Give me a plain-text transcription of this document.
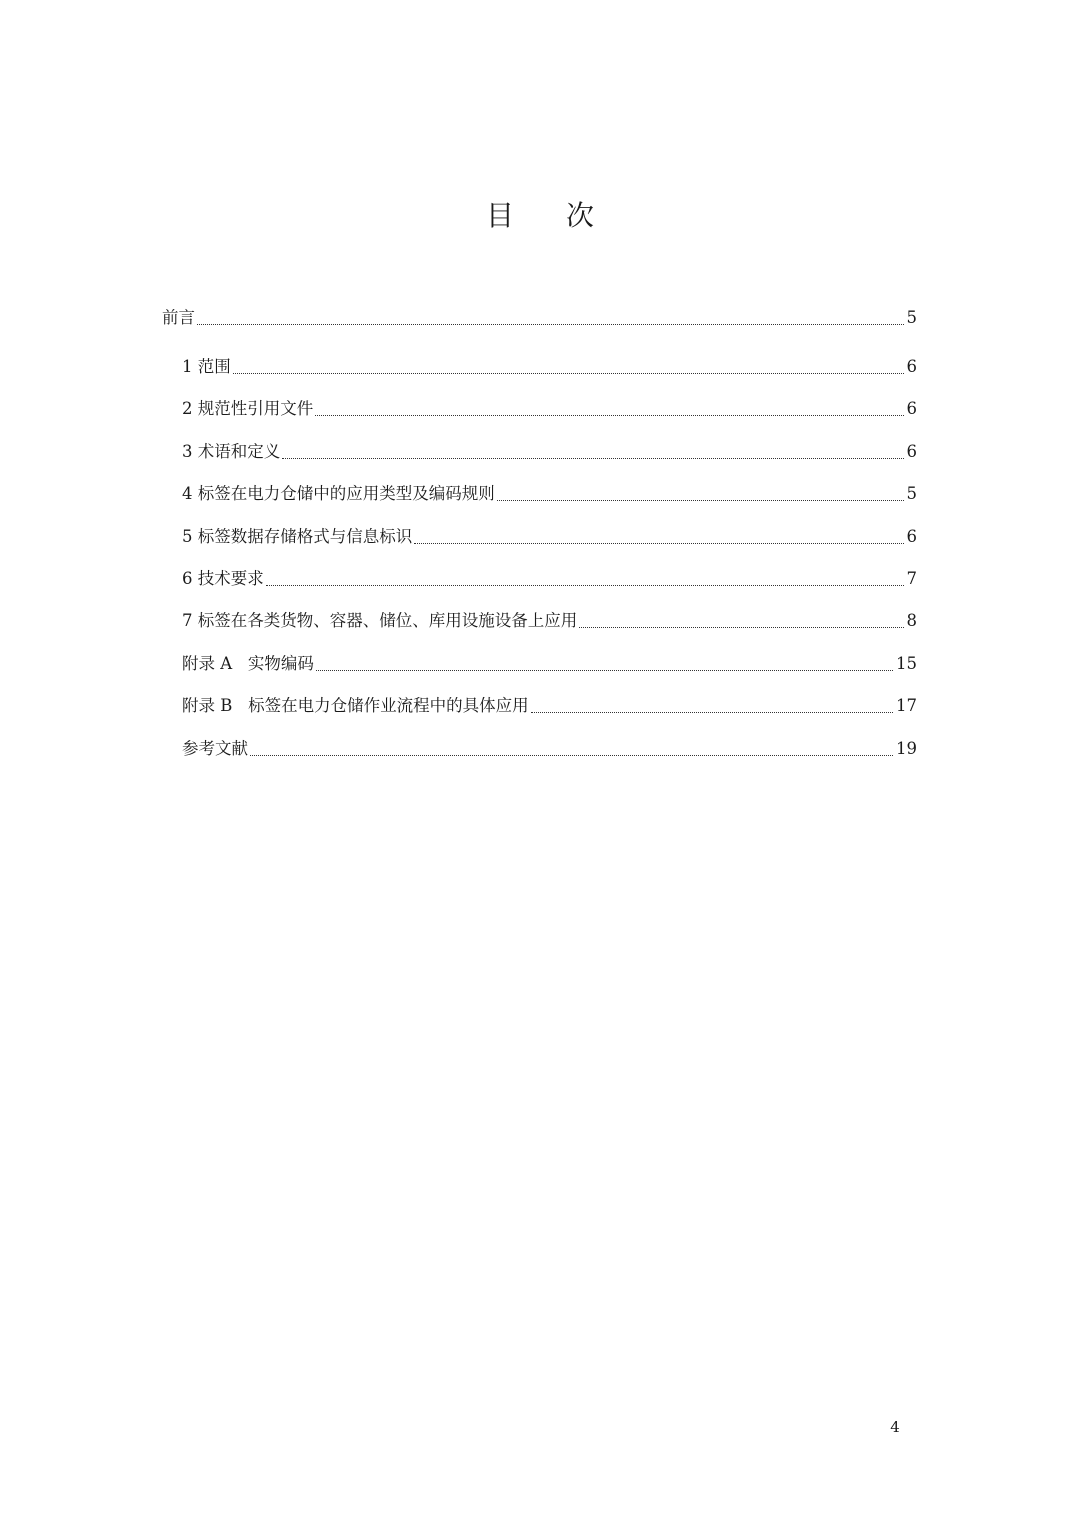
目次
前言	5
1 范围	6
2 规范性引用文件	6
3 术语和定义	6
4 标签在电力仓储中的应用类型及编码规则	5
5 标签数据存储格式与信息标识	6
6 技术要求	7
7 标签在各类货物、容器、储位、库用设施设备上应用	8
附录 A   实物编码	15
附录 B   标签在电力仓储作业流程中的具体应用	17
参考文献	19
4
